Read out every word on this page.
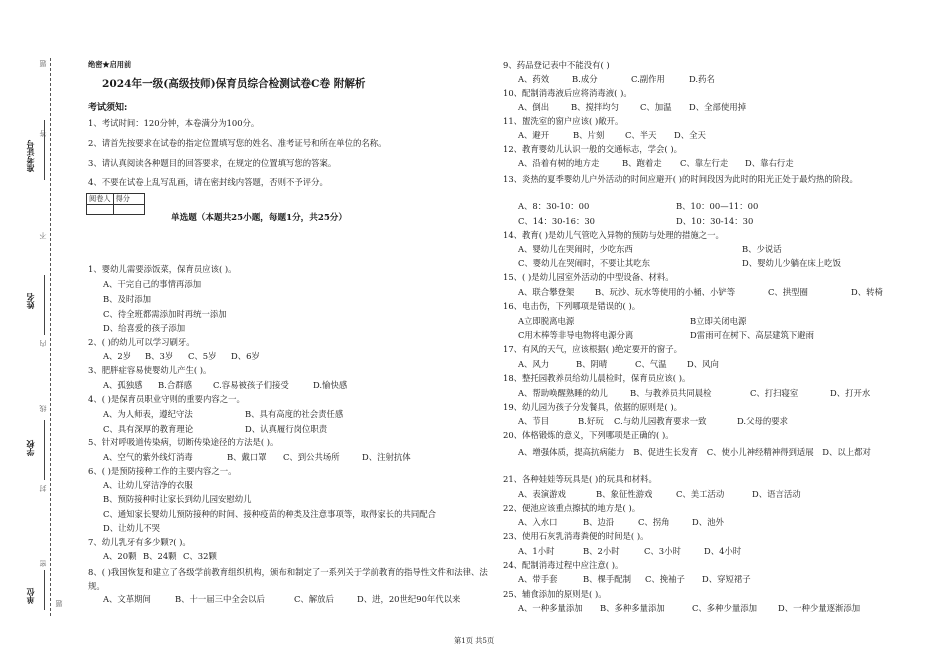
题
答
不
内
线
封
密
题
准考证号
姓名
学校
单位
绝密★启用前
2024年一级(高级技师)保育员综合检测试卷C卷 附解析
考试须知:
1、考试时间：120分钟，本卷满分为100分。
2、请首先按要求在试卷的指定位置填写您的姓名、准考证号和所在单位的名称。
3、请认真阅读各种题目的回答要求，在规定的位置填写您的答案。
4、不要在试卷上乱写乱画，请在密封线内答题，否则不予评分。
阅卷人	得分

单选题（本题共25小题，每题1分，共25分）
1、婴幼儿需要添饭菜，保育员应该( )。
A、干完自己的事情再添加
B、及时添加
C、待全班都需添加时再统一添加
D、给喜爱的孩子添加
2、( )的幼儿可以学习刷牙。
A、2岁 B、3岁 C、5岁 D、6岁
3、肥胖症容易使婴幼儿产生( )。
A、孤独感 B.合群感	C.容易被孩子们接受	D.愉快感
4、( )是保育员职业守则的重要内容之一。
A、为人师表，遵纪守法	B、具有高度的社会责任感
C、具有深厚的教育理论	D、认真履行岗位职责
5、针对呼吸道传染病，切断传染途径的方法是( )。
A、空气的紫外线灯消毒	B、戴口罩 C、到公共场所	D、注射抗体
6、( )是预防接种工作的主要内容之一。
A、让幼儿穿洁净的衣服
B、预防接种时让家长到幼儿园安慰幼儿
C、通知家长婴幼儿预防接种的时间、接种疫苗的种类及注意事项等，取得家长的共同配合
D、让幼儿不哭
7、幼儿乳牙有多少颗?( )。
A、20颗 B、24颗 C、32颗
8、( )我国恢复和建立了各级学前教育组织机构，颁布和制定了一系列关于学前教育的指导性文件和法律、法规。
A、文革期间	B、十一届三中全会以后	C、解放后	D、进，20世纪90年代以来
9、药品登记表中不能没有( )
A、药效	B.成分	C.副作用	D.药名
10、配制消毒液后应将消毒液( )。
A、倒出	B、搅拌均匀 C、加温 D、全部使用掉
11、盥洗室的窗户应该( )敞开。
A、避开	B、片刻 C、半天 D、全天
12、教育婴幼儿认识一般的交通标志，学会( )。
A、沿着有树的地方走	B、跑着走 C、靠左行走 D、靠右行走
13、炎热的夏季婴幼儿户外活动的时间应避开( )的时间段因为此时的阳光正处于最灼热的阶段。
A、8：30-10：00	B、10：00—11：00
C、14：30-16：30	D、10：30-14：30
14、教育( )是幼儿气管吃入异物的预防与处理的措施之一。
A、婴幼儿在哭闹时，少吃东西	B、少说话
C、婴幼儿在哭闹时，不要让其吃东	D、婴幼儿少躺在床上吃饭
15、( )是幼儿园室外活动的中型设备、材料。
A、联合攀登架 B、玩沙、玩水等使用的小桶、小铲等	C、拱型圈	D、转椅
16、电击伤，下列哪项是错误的( )。
A立即脱离电源	B立即关闭电源
C用木棒等非导电物将电源分离	D雷雨可在树下、高层建筑下避雨
17、有风的天气，应该根据( )绝定要开的窗子。
A、风力	B、阴晴	C、气温 D、风向
18、整托园教养员给幼儿晨检时，保育员应该( )。
A、帮助唤醒熟睡的幼儿	B、与教养员共同晨检	C、打扫寝室	D、打开水
19、幼儿园为孩子分发餐具，依据的原则是( )。
A、节目	B.好玩 C.与幼儿园教育要求一致	D.父母的要求
20、体格锻炼的意义，下列哪项是正确的( )。
A、增强体质，提高抗病能力 B、促进生长发育 C、使小儿神经精神得到适展 D、以上都对
21、各种娃娃等玩具是( )的玩具和材料。
A、表演游戏	B、象征性游戏	C、美工活动	D、语言活动
22、便池应该重点擦拭的地方是( )。
A、入水口	B、边沿	C、拐角	D、池外
23、使用石灰乳消毒粪便的时间是( )。
A、1小时	B、2小时	C、3小时	D、4小时
24、配制消毒过程中应注意( )。
A、带手套	B、棵手配制 C、挽袖子 D、穿短裙子
25、辅食添加的原则是( )。
A、一种多量添加 B、多种多量添加	C、多种少量添加 D、一种少量逐渐添加
第1页 共5页
